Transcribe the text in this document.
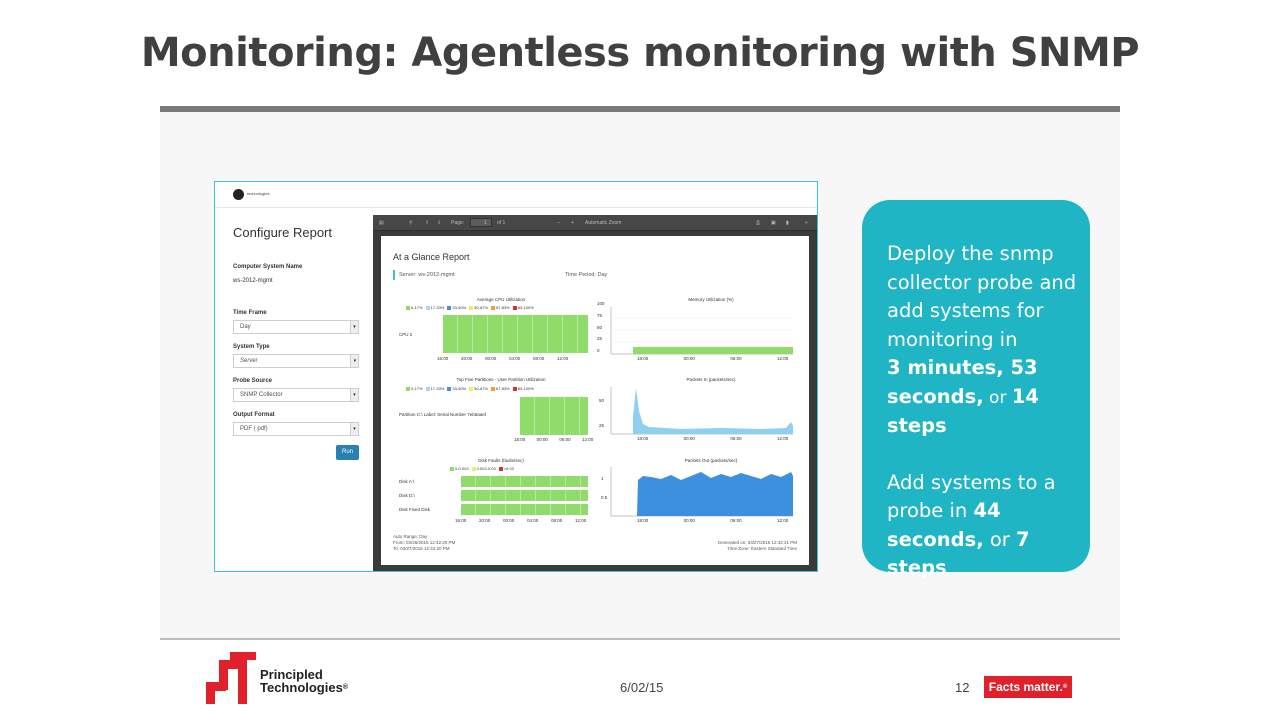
Monitoring: Agentless monitoring with SNMP
technologies
Configure Report
Computer System Name
ws-2012-mgmt
Time Frame
Day	▾
System Type
Server	▾
Probe Source
SNMP Collector	▾
Output Format
PDF ( pdf)	▾
Run
▤	⚲ ⇧ ⇩ Page:	1 of 1	− + Automatic Zoom	⎙ ▣ ▮	»
At a Glance Report
Server: ws-2012-mgmt	Time Period: Day
Average CPU Utilization
0-17% 17-33% 33-50% 50-67% 67-83% 83-100%
CPU 2
16:00	20:00	00:00	04:00	08:00	12:00
Top Five Partitions - User Partition Utilization
0-17% 17-33% 33-50% 50-67% 67-83% 83-100%
Partition C:\ Label: Serial Number 7eb6aaef
18:00	00:00	06:00	12:00
Disk Faults (faults/sec)
0-0.003 0.003-0.03 >0.03
Disk A:\
Disk D:\
Disk Fixed Disk
16:00	20:00	00:00	04:00	08:00	12:00
Memory Utilization (%)
Packets In (packets/sec)
Packets Out (packets/sec)
100
75
50
25
0
18:00	00:00	06:00	12:00
50
25
18:00	00:00	06:00	12:00
1
0.5
18:00	00:00	06:00	12:00
Auto Range: Day
From: 03/26/2015 12:42:20 PM
To: 03/27/2015 12:42:20 PM
Generated on: 03/27/2015 12:42:21 PM
Time Zone: Eastern Standard Time

Deploy the snmp collector probe and add systems for monitoring in
3 minutes, 53 seconds, or 14 steps

Add systems to a probe in 44 seconds, or 7 steps

Principled
Technologies®	6/02/15	12	Facts matter.®
